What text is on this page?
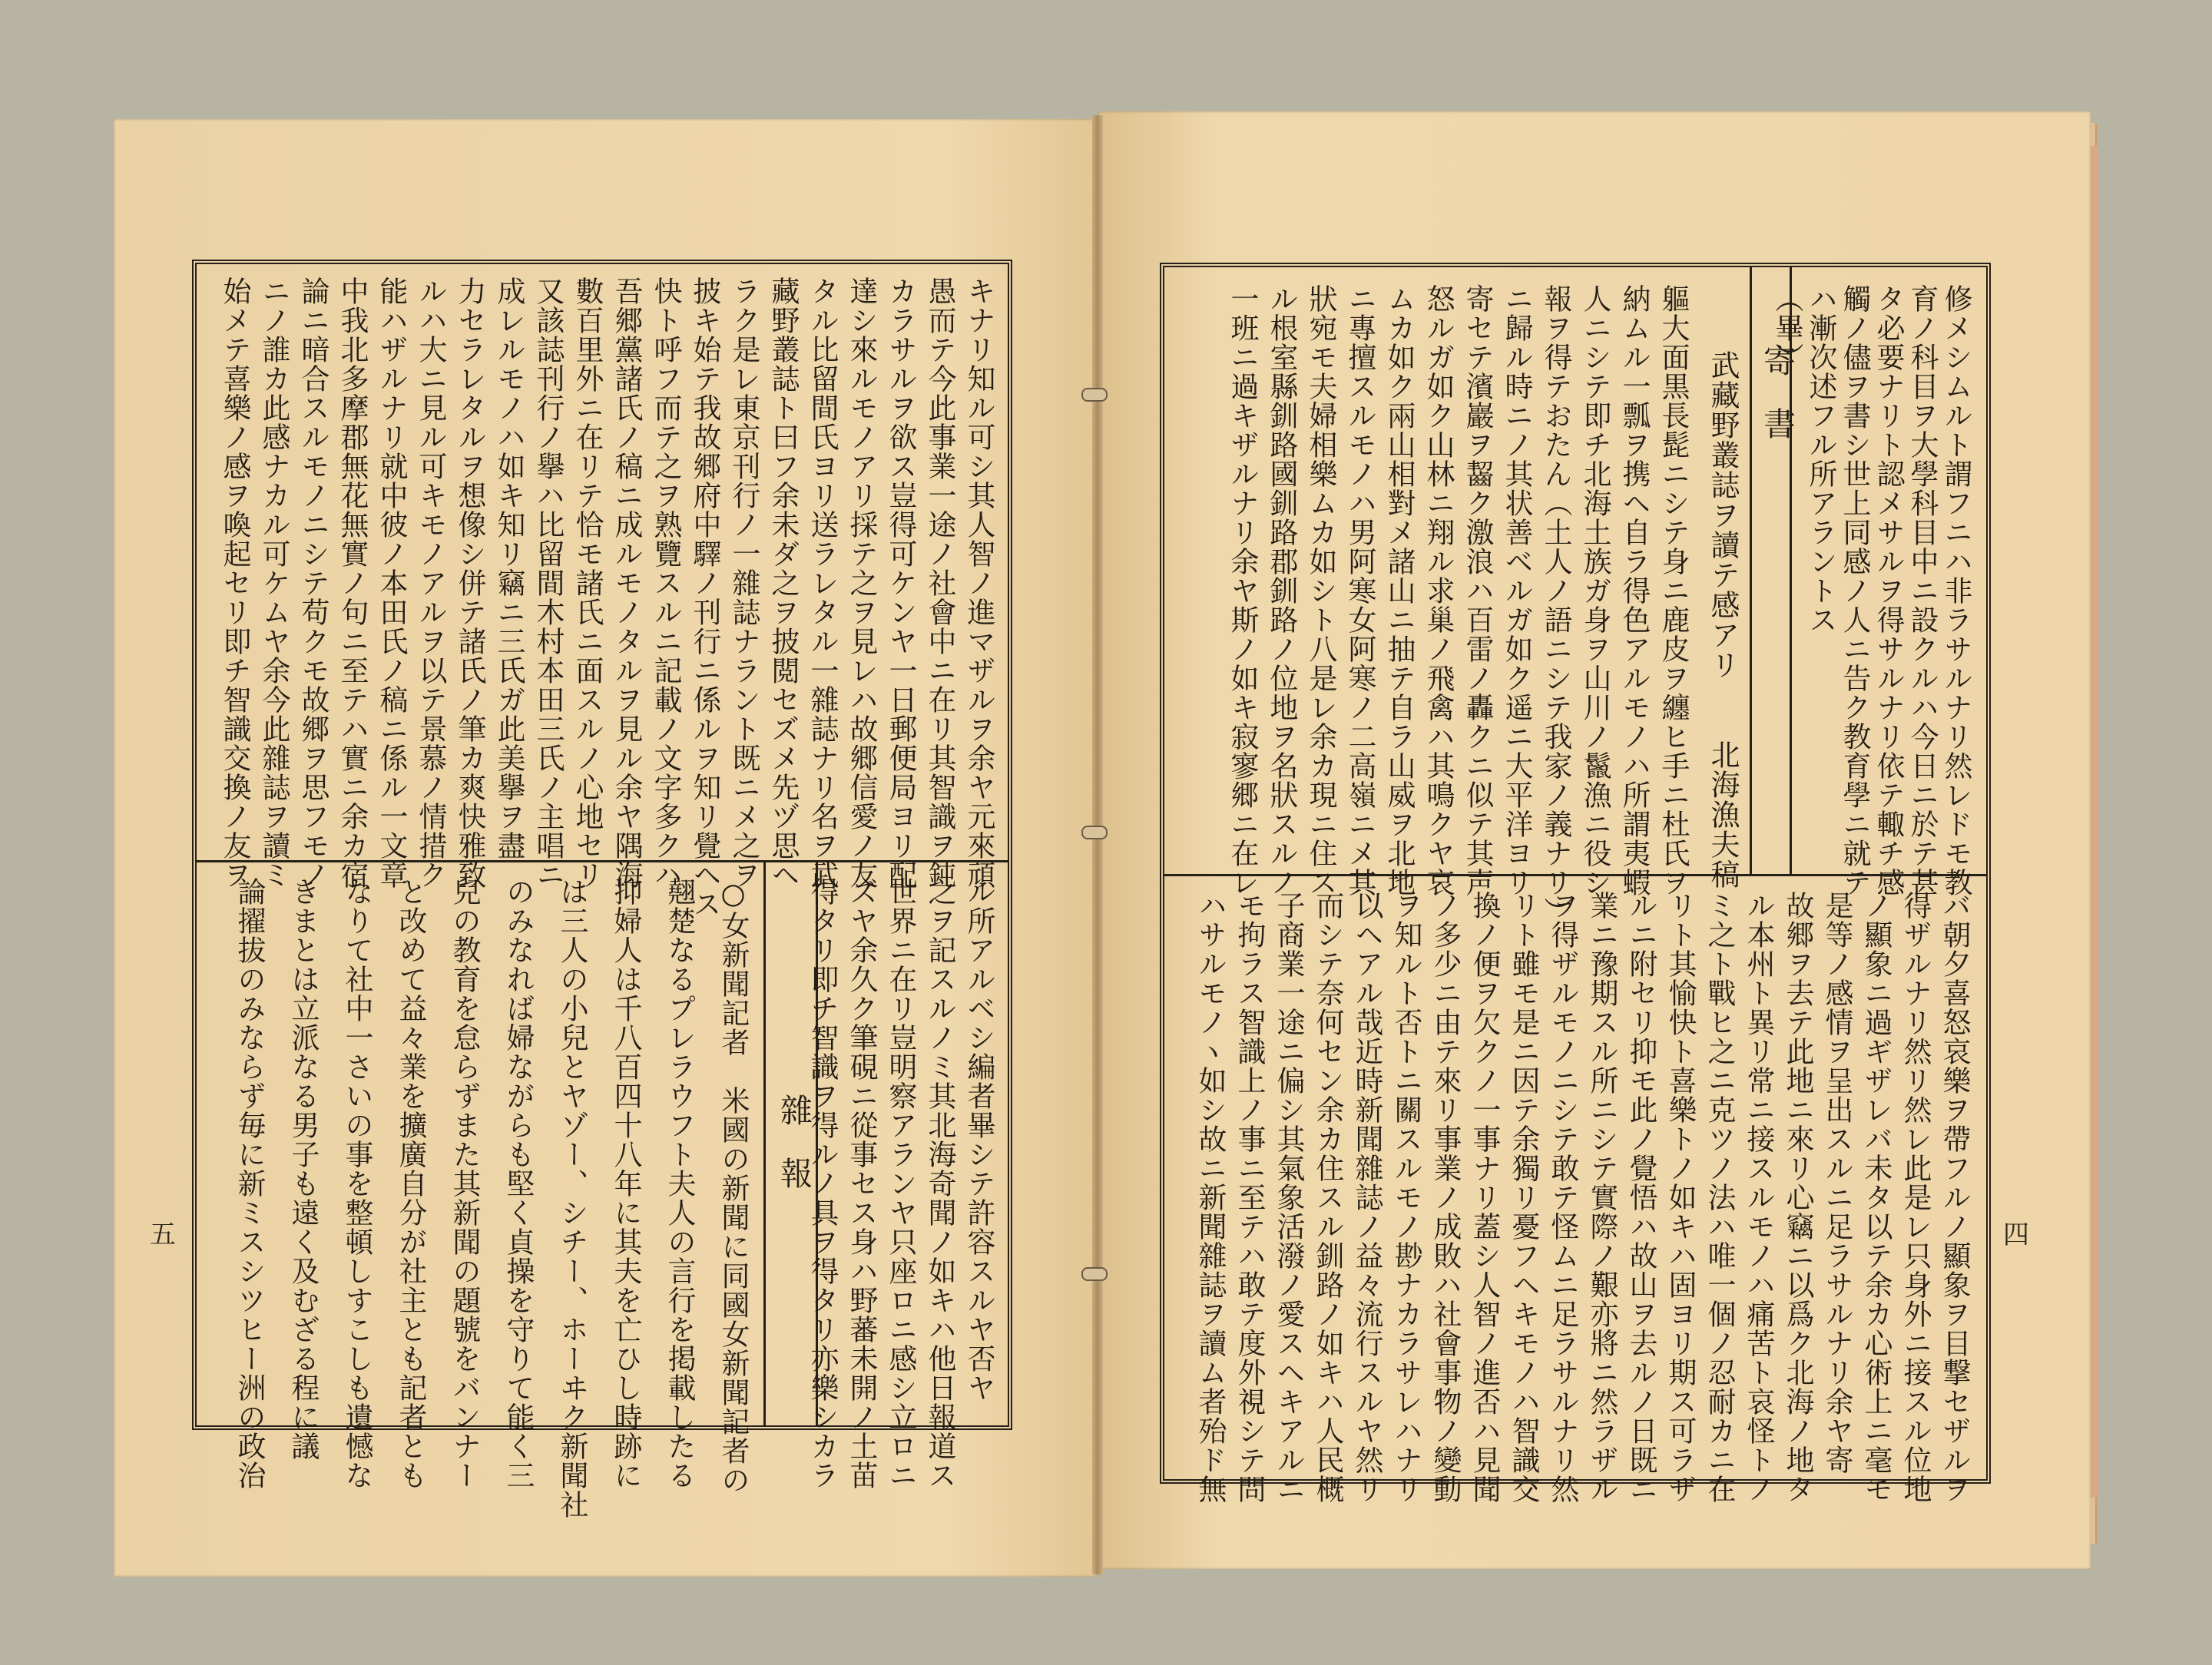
五	四
修メシムルト謂フニハ非ラサルナリ然レドモ教
育ノ科目ヲ大學科目中ニ設クルハ今日ニ於テ甚
タ必要ナリト認メサルヲ得サルナリ依テ輙チ感
觸ノ儘ヲ書シ世上同感ノ人ニ告ク教育學ニ就テ
ハ漸次述フル所アラントス
（畢）
寄書
武藏野叢誌ヲ讀テ感アリ　　北海漁夫稿
軀大面黒長髭ニシテ身ニ鹿皮ヲ纏ヒ手ニ杜氏ヲ
納ムル一瓢ヲ携ヘ自ラ得色アルモノハ所謂夷蝦
人ニシテ即チ北海土族ガ身ヲ山川ノ鬣漁ニ役シ
報ヲ得テおたん（土人ノ語ニシテ我家ノ義ナリ）
ニ歸ル時ニノ其状善ベルガ如ク遥ニ大平洋ヨリ
寄セテ濱巖ヲ齧ク激浪ハ百雷ノ轟クニ似テ其声
怒ルガ如ク山林ニ翔ル求巢ノ飛禽ハ其鳴クヤ哀
ムカ如ク兩山相對メ諸山ニ抽テ自ラ山威ヲ北地
ニ專擅スルモノハ男阿寒女阿寒ノ二高嶺ニメ其
狀宛モ夫婦相樂ムカ如シト八是レ余カ現ニ住ス
ル根室縣釧路國釧路郡釧路ノ位地ヲ名狀スルノ
一班ニ過キザルナリ余ヤ斯ノ如キ寂寥郷ニ在レ
バ朝夕喜怒哀樂ヲ帶フルノ顯象ヲ目撃セザルヲ
得ザルナリ然リ然レ此是レ只身外ニ接スル位地
ノ顯象ニ過ギザレバ未タ以テ余カ心術上ニ毫モ
是等ノ感情ヲ呈出スルニ足ラサルナリ余ヤ寄
故郷ヲ去テ此地ニ來リ心竊ニ以爲ク北海ノ地タ
ル本州ト異リ常ニ接スルモノハ痛苦ト哀怪トノ
ミ之ト戰ヒ之ニ克ツノ法ハ唯一個ノ忍耐カニ在
リト其愉快ト喜樂トノ如キハ固ヨリ期ス可ラザ
ルニ附セリ抑モ此ノ覺悟ハ故山ヲ去ルノ日既ニ
業ニ豫期スル所ニシテ實際ノ艱亦將ニ然ラザル
ヲ得ザルモノニシテ敢テ怪ムニ足ラサルナリ然
リト雖モ是ニ因テ余獨リ憂フヘキモノハ智識交
換ノ便ヲ欠クノ一事ナリ蓋シ人智ノ進否ハ見聞
ノ多少ニ由テ來リ事業ノ成敗ハ社會事物ノ變動
ヲ知ルト否トニ關スルモノ尠ナカラサレハナリ
以ヘアル哉近時新聞雜誌ノ益々流行スルヤ然リ
而シテ奈何セン余カ住スル釧路ノ如キハ人民概
子商業一途ニ偏シ其氣象活潑ノ愛スヘキアルニ
モ拘ラス智識上ノ事ニ至テハ敢テ度外視シテ問
ハサルモノヽ如シ故ニ新聞雜誌ヲ讀ム者殆ド無
キナリ知ル可シ其人智ノ進マザルヲ余ヤ元來頑
愚而テ今此事業一途ノ社會中ニ在リ其智識ヲ鈍
カラサルヲ欲ス豈得可ケンヤ一日郵便局ヨリ配
達シ來ルモノアリ採テ之ヲ見レハ故郷信愛ノ友
タル比留間氏ヨリ送ラレタル一雜誌ナリ名ヲ武
藏野叢誌ト曰フ余未ダ之ヲ披閲セズメ先ヅ思ヘ
ラク是レ東京刊行ノ一雜誌ナラント既ニメ之ヲ
披キ始テ我故郷府中驛ノ刊行ニ係ルヲ知リ覺ヘス
快ト呼フ而テ之ヲ熟覽スルニ記載ノ文字多クハ
吾郷黨諸氏ノ稿ニ成ルモノタルヲ見ル余ヤ隅海
數百里外ニ在リテ恰モ諸氏ニ面スルノ心地セリ
又該誌刊行ノ擧ハ比留間木村本田三氏ノ主唱ニ
成レルモノハ如キ知リ竊ニ三氏ガ此美擧ヲ盡
力セラレタルヲ想像シ併テ諸氏ノ筆カ爽快雅致
ルハ大ニ見ル可キモノアルヲ以テ景慕ノ情措ク
能ハザルナリ就中彼ノ本田氏ノ稿ニ係ル一文章
中我北多摩郡無花無實ノ句ニ至テハ實ニ余カ宿
論ニ暗合スルモノニシテ苟クモ故郷ヲ思フモノ
ニノ誰カ此感ナカル可ケムヤ余今此雜誌ヲ讀ミ
始メテ喜樂ノ感ヲ喚起セリ即チ智識交換ノ友ヲ
ル所アルベシ編者畢シテ許容スルヤ否ヤ
之ヲ記スルノミ其北海奇聞ノ如キハ他日報道ス
世界ニ在リ豈明察アランヤ只座ロニ感シ立ロニ
ズヤ余久ク筆硯ニ從事セス身ハ野蕃未開ノ土苗
得タリ即チ智識ヲ得ルノ具ヲ得タリ亦樂シカラ
雜報
○女新聞記者　米國の新聞に同國女新聞記者の
翹楚なるプレラウフト夫人の言行を掲載したる
抑婦人は千八百四十八年に其夫を亡ひし時跡に
は三人の小兒とヤゾー、シチー、ホーヰク新聞社
のみなれば婦ながらも堅く貞操を守りて能く三
兒の教育を怠らずまた其新聞の題號をバンナー
と改めて益々業を擴廣自分が社主とも記者とも
なりて社中一さいの事を整頓しすこしも遺憾な
きまとは立派なる男子も遠く及むざる程に議
論擢拔のみならず毎に新ミスシツヒー洲の政治
